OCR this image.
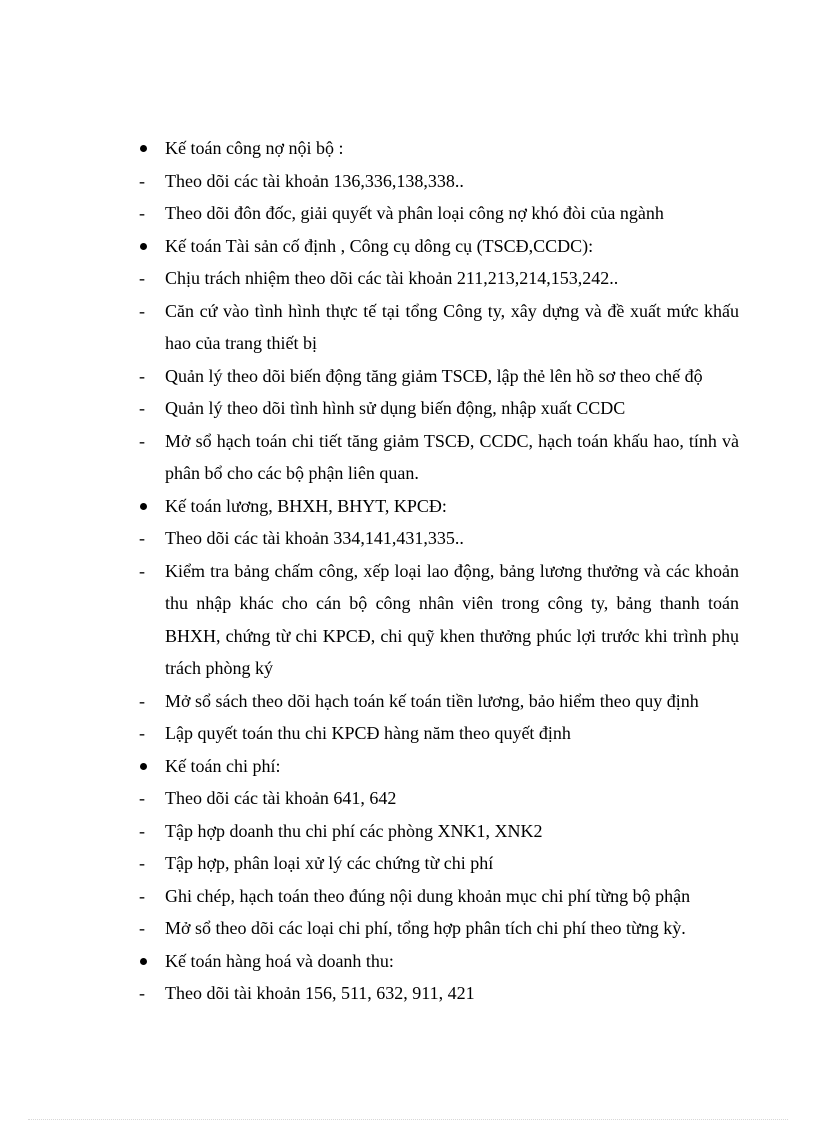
Kế toán công nợ nội bộ :
-	Theo dõi các tài khoản 136,336,138,338..
-	Theo dõi đôn đốc, giải quyết và phân loại công nợ khó đòi của ngành
Kế toán Tài sản cố định , Công cụ dông cụ (TSCĐ,CCDC):
-	Chịu trách nhiệm theo dõi các tài khoản 211,213,214,153,242..
-	Căn cứ vào tình hình thực tế tại tổng Công ty, xây dựng và đề xuất mức khấu hao của trang thiết bị
-	Quản lý theo dõi biến động tăng giảm TSCĐ, lập thẻ lên hồ sơ theo chế độ
-	Quản lý theo dõi tình hình sử dụng biến động, nhập xuất CCDC
-	Mở sổ hạch toán chi tiết tăng giảm TSCĐ, CCDC, hạch toán khấu hao, tính và phân bổ cho các bộ phận liên quan.
Kế toán lương, BHXH, BHYT, KPCĐ:
-	Theo dõi các tài khoản 334,141,431,335..
-	Kiểm tra bảng chấm công, xếp loại lao động, bảng lương thưởng và các khoản thu nhập khác cho cán bộ công nhân viên trong công ty, bảng thanh toán BHXH, chứng từ chi KPCĐ, chi quỹ khen thưởng phúc lợi trước khi trình phụ trách phòng ký
-	Mở sổ sách theo dõi hạch toán kế toán tiền lương, bảo hiểm theo quy định
-	Lập quyết toán thu chi KPCĐ hàng năm theo quyết định
Kế toán chi phí:
-	Theo dõi các tài khoản 641, 642
-	Tập hợp doanh thu chi phí các phòng XNK1, XNK2
-	Tập hợp, phân loại xử lý các chứng từ chi phí
-	Ghi chép, hạch toán theo đúng nội dung khoản mục chi phí từng bộ phận
-	Mở sổ theo dõi các loại chi phí, tổng hợp phân tích chi phí theo từng kỳ.
Kế toán hàng hoá và doanh thu:
-	Theo dõi tài khoản 156, 511, 632, 911, 421
